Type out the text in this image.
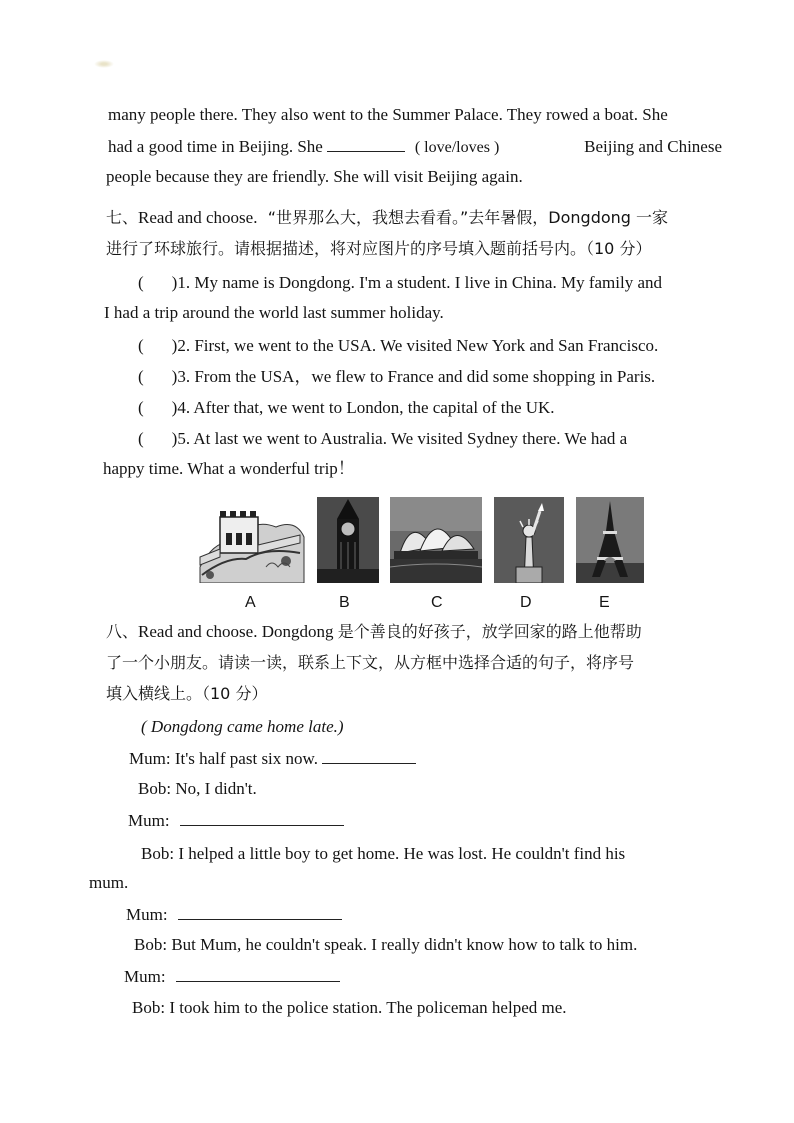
many people there. They also went to the Summer Palace. They rowed a boat. She
had a good time in Beijing. She	( love/loves )	Beijing and Chinese
people because they are friendly. She will visit Beijing again.
七、Read and choose. “世界那么大，我想去看看。”去年暑假，Dongdong 一家
进行了环球旅行。请根据描述，将对应图片的序号填入题前括号内。（10 分）
( )1. My name is Dongdong. I'm a student. I live in China. My family and
I had a trip around the world last summer holiday.
( )2. First, we went to the USA. We visited New York and San Francisco.
( )3. From the USA，we flew to France and did some shopping in Paris.
( )4. After that, we went to London, the capital of the UK.
( )5. At last we went to Australia. We visited Sydney there. We had a
happy time. What a wonderful trip！
A	B	C	D	E
八、Read and choose. Dongdong 是个善良的好孩子，放学回家的路上他帮助
了一个小朋友。请读一读，联系上下文，从方框中选择合适的句子，将序号
填入横线上。（10 分）
( Dongdong came home late.)
Mum: It's half past six now.
Bob: No, I didn't.
Mum:
Bob: I helped a little boy to get home. He was lost. He couldn't find his
mum.
Mum:
Bob: But Mum, he couldn't speak. I really didn't know how to talk to him.
Mum:
Bob: I took him to the police station. The policeman helped me.
